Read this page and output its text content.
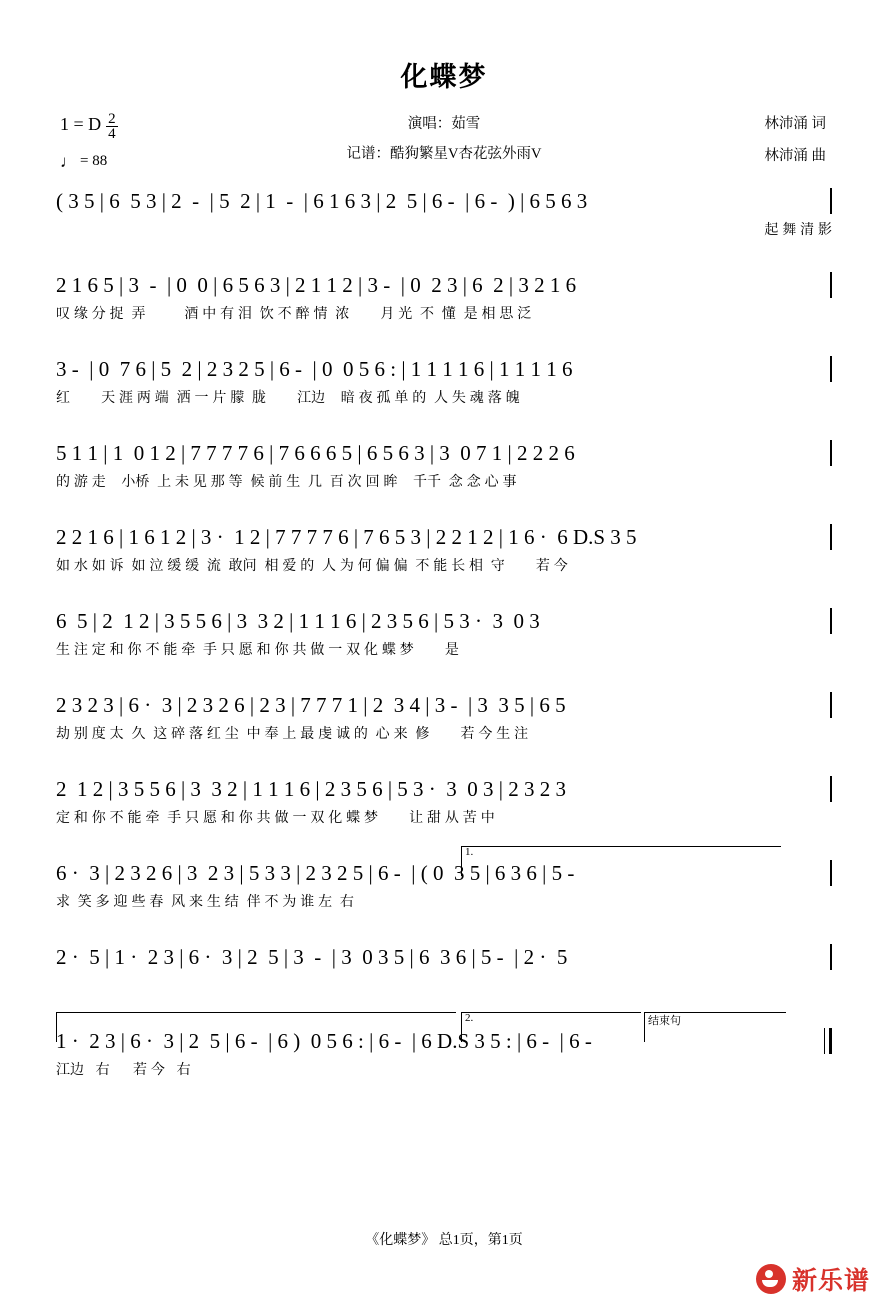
化蝶梦
1 = D $\frac{2}{4}$
♩ = 88
演唱：茹雪
记谱：酷狗繁星V杏花弦外雨V
林沛涌 词
林沛涌 曲
( 3 5 | 6  5 3 | 2  -  | 5  2 | 1  -  | 6 1 6 3 | 2  5 | 6 -  | 6 -  ) | 6 5 6 3
起 舞 清 影
2 1 6 5 | 3  -  | 0  0 | 6 5 6 3 | 2 1 1 2 | 3 -  | 0  2 3 | 6  2 | 3 2 1 6
叹 缘 分 捉  弄          酒 中 有 泪  饮 不 醉 情  浓        月 光  不  懂  是 相 思 泛
3 -  | 0  7 6 | 5  2 | 2 3 2 5 | 6 -  | 0  0 5 6 : | 1 1 1 1 6 | 1 1 1 1 6
红        天 涯 两 端  洒 一 片 朦  胧        江边    暗 夜 孤 单 的  人 失 魂 落 魄
5 1 1 | 1  0 1 2 | 7 7 7 7 6 | 7 6 6 6 5 | 6 5 6 3 | 3  0 7 1 | 2 2 2 6
的 游 走    小桥  上 未 见 那 等  候 前 生  几  百 次 回 眸    千千  念 念 心 事
2 2 1 6 | 1 6 1 2 | 3 ·  1 2 | 7 7 7 7 6 | 7 6 5 3 | 2 2 1 2 | 1 6 ·  6 D.S 3 5
如 水 如 诉  如 泣 缓 缓  流  敢问  相 爱 的  人 为 何 偏 偏  不 能 长 相  守        若 今
6  5 | 2  1 2 | 3 5 5 6 | 3  3 2 | 1 1 1 6 | 2 3 5 6 | 5 3 ·  3  0 3
生 注 定 和 你 不 能 牵  手 只 愿 和 你 共 做 一 双 化 蝶 梦        是
2 3 2 3 | 6 ·  3 | 2 3 2 6 | 2 3 | 7 7 7 1 | 2  3 4 | 3 -  | 3  3 5 | 6 5
劫 别 度 太  久  这 碎 落 红 尘  中 奉 上 最 虔 诚 的  心 来  修        若 今 生 注
2  1 2 | 3 5 5 6 | 3  3 2 | 1 1 1 6 | 2 3 5 6 | 5 3 ·  3  0 3 | 2 3 2 3
定 和 你 不 能 牵  手 只 愿 和 你 共 做 一 双 化 蝶 梦        让 甜 从 苦 中
1.
6 ·  3 | 2 3 2 6 | 3  2 3 | 5 3 3 | 2 3 2 5 | 6 -  | ( 0  3 5 | 6 3 6 | 5 -
求  笑 多 迎 些 春  风 来 生 结  伴 不 为 谁 左  右
2 ·  5 | 1 ·  2 3 | 6 ·  3 | 2  5 | 3  -  | 3  0 3 5 | 6  3 6 | 5 -  | 2 ·  5

2.	结束句
1 ·  2 3 | 6 ·  3 | 2  5 | 6 -  | 6 )  0 5 6 : | 6 -  | 6 D.S 3 5 : | 6 -  | 6 -
江边   右      若 今   右
《化蝶梦》 总1页，第1页
新乐谱
